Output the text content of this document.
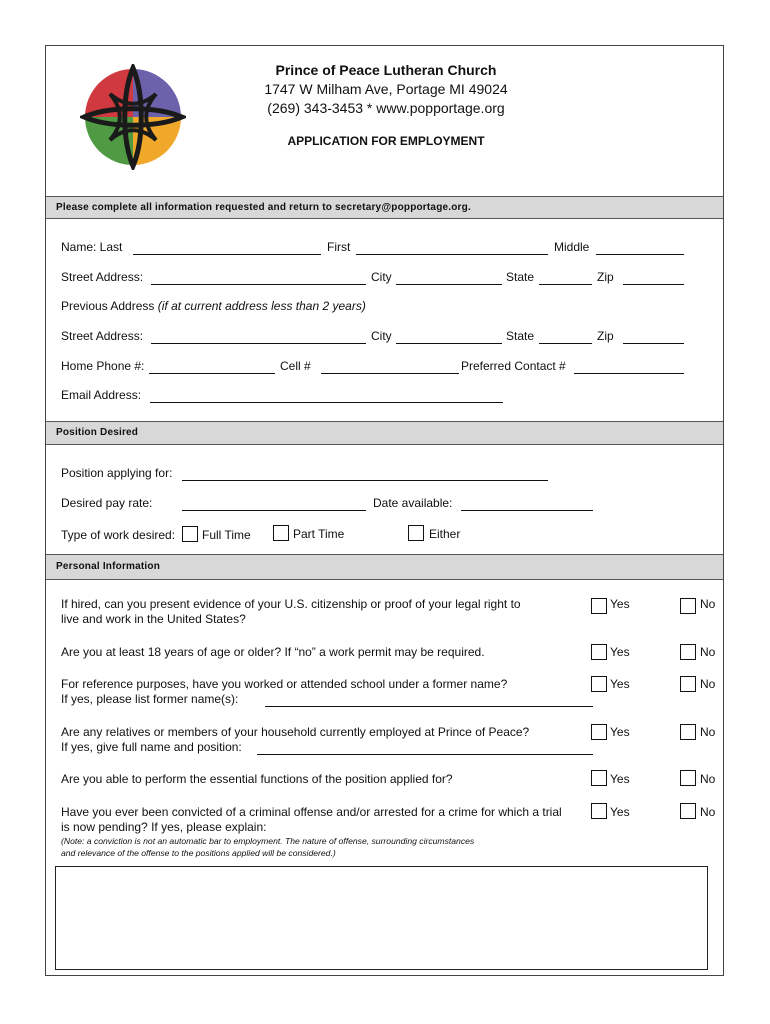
Prince of Peace Lutheran Church
1747 W Milham Ave, Portage MI 49024
(269) 343-3453 * www.popportage.org
APPLICATION FOR EMPLOYMENT
Please complete all information requested and return to secretary@popportage.org.
Name: Last	First	Middle
Street Address:	City	State	Zip
Previous Address (if at current address less than 2 years)
Street Address:	City	State	Zip
Home Phone #:	Cell #	Preferred Contact #
Email Address:
Position Desired
Position applying for:
Desired pay rate:	Date available:
Type of work desired: Full Time	Part Time	Either
Personal Information
If hired, can you present evidence of your U.S. citizenship or proof of your legal right to
live and work in the United States?
Yes	No
Are you at least 18 years of age or older? If “no” a work permit may be required.	Yes	No
For reference purposes, have you worked or attended school under a former name?
If yes, please list former name(s):
Yes	No
Are any relatives or members of your household currently employed at Prince of Peace?
If yes, give full name and position:
Yes	No
Are you able to perform the essential functions of the position applied for?	Yes	No
Have you ever been convicted of a criminal offense and/or arrested for a crime for which a trial
is now pending? If yes, please explain:
Yes	No
(Note: a conviction is not an automatic bar to employment. The nature of offense, surrounding circumstances
and relevance of the offense to the positions applied will be considered.)
